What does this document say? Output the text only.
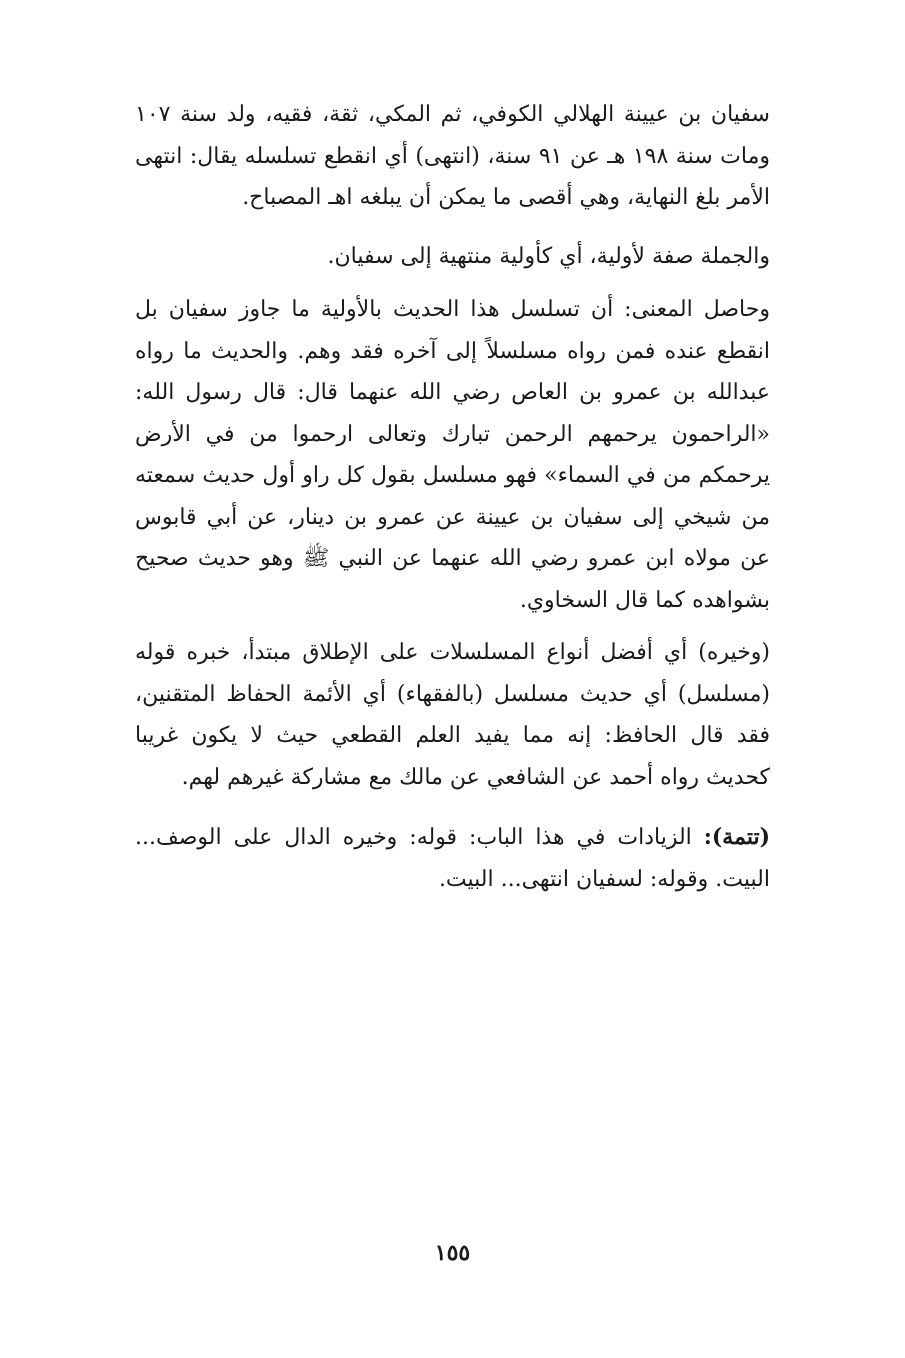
سفيان بن عيينة الهلالي الكوفي، ثم المكي، ثقة، فقيه، ولد سنة ١٠٧ ومات سنة ١٩٨ هـ عن ٩١ سنة، (انتهى) أي انقطع تسلسله يقال: انتهى الأمر بلغ النهاية، وهي أقصى ما يمكن أن يبلغه اهـ المصباح.

والجملة صفة لأولية، أي كأولية منتهية إلى سفيان.

وحاصل المعنى: أن تسلسل هذا الحديث بالأولية ما جاوز سفيان بل انقطع عنده فمن رواه مسلسلاً إلى آخره فقد وهم. والحديث ما رواه عبدالله بن عمرو بن العاص رضي الله عنهما قال: قال رسول الله: «الراحمون يرحمهم الرحمن تبارك وتعالى ارحموا من في الأرض يرحمكم من في السماء» فهو مسلسل بقول كل راو أول حديث سمعته من شيخي إلى سفيان بن عيينة عن عمرو بن دينار، عن أبي قابوس عن مولاه ابن عمرو رضي الله عنهما عن النبي ﷺ وهو حديث صحيح بشواهده كما قال السخاوي.

(وخيره) أي أفضل أنواع المسلسلات على الإطلاق مبتدأ، خبره قوله (مسلسل) أي حديث مسلسل (بالفقهاء) أي الأئمة الحفاظ المتقنين، فقد قال الحافظ: إنه مما يفيد العلم القطعي حيث لا يكون غريبا كحديث رواه أحمد عن الشافعي عن مالك مع مشاركة غيرهم لهم.

(تتمة): الزيادات في هذا الباب: قوله: وخيره الدال على الوصف... البيت. وقوله: لسفيان انتهى... البيت.

١٥٥
